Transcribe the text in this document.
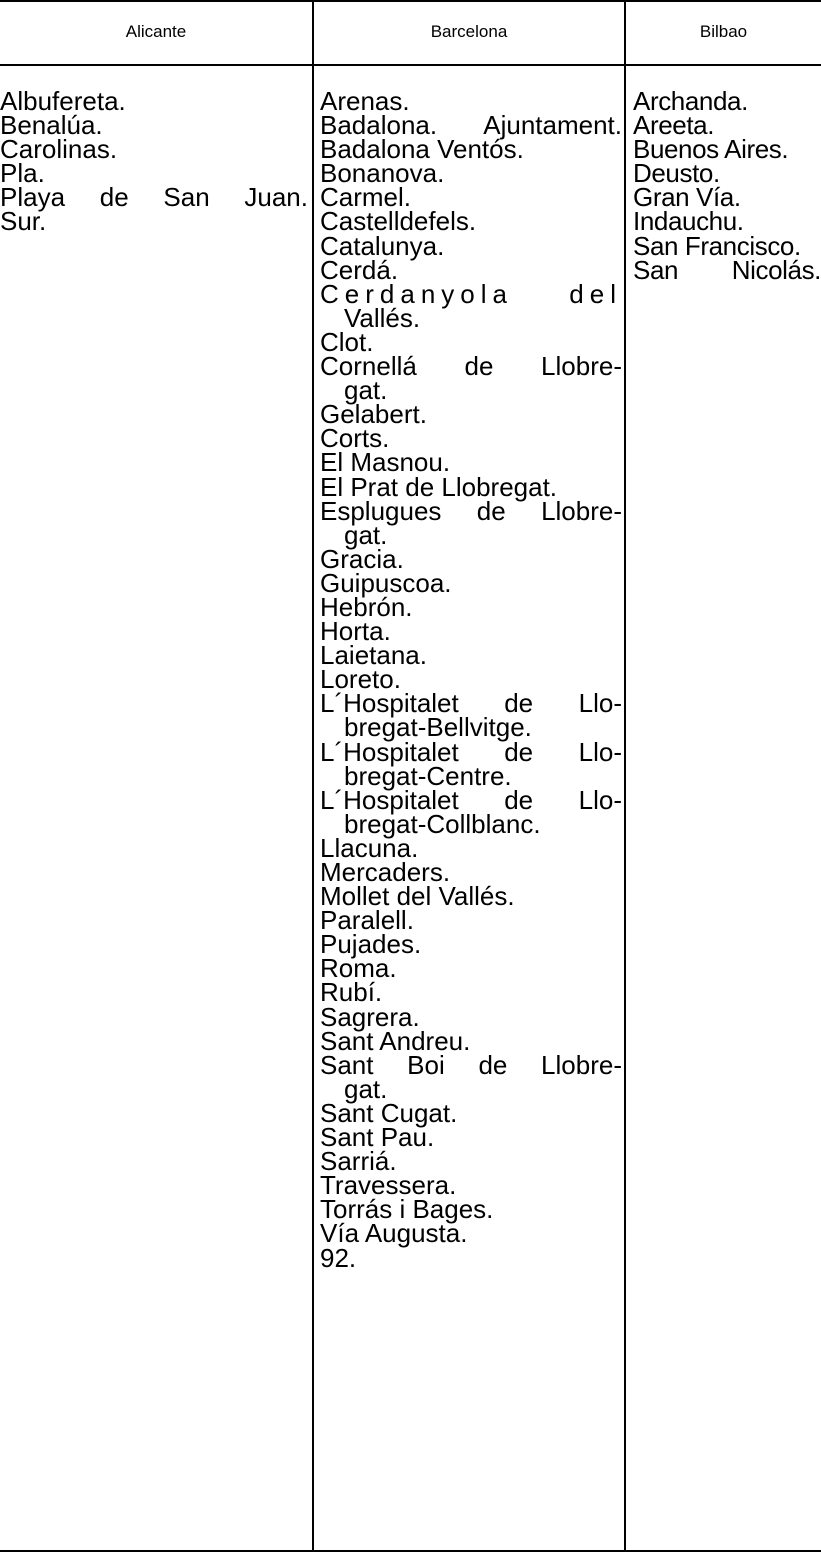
Alicante	Barcelona	Bilbao
Albufereta.
Benalúa.
Carolinas.
Pla.
Playa de San Juan.
Sur.
Arenas.
Badalona. Ajuntament.
Badalona Ventós.
Bonanova.
Carmel.
Castelldefels.
Catalunya.
Cerdá.
Cerdanyola del
Vallés.
Clot.
Cornellá de Llobre-
gat.
Gelabert.
Corts.
El Masnou.
El Prat de Llobregat.
Esplugues de Llobre-
gat.
Gracia.
Guipuscoa.
Hebrón.
Horta.
Laietana.
Loreto.
L´Hospitalet de Llo-
bregat-Bellvitge.
L´Hospitalet de Llo-
bregat-Centre.
L´Hospitalet de Llo-
bregat-Collblanc.
Llacuna.
Mercaders.
Mollet del Vallés.
Paralell.
Pujades.
Roma.
Rubí.
Sagrera.
Sant Andreu.
Sant Boi de Llobre-
gat.
Sant Cugat.
Sant Pau.
Sarriá.
Travessera.
Torrás i Bages.
Vía Augusta.
92.
Archanda.
Areeta.
Buenos Aires.
Deusto.
Gran Vía.
Indauchu.
San Francisco.
San Nicolás.
